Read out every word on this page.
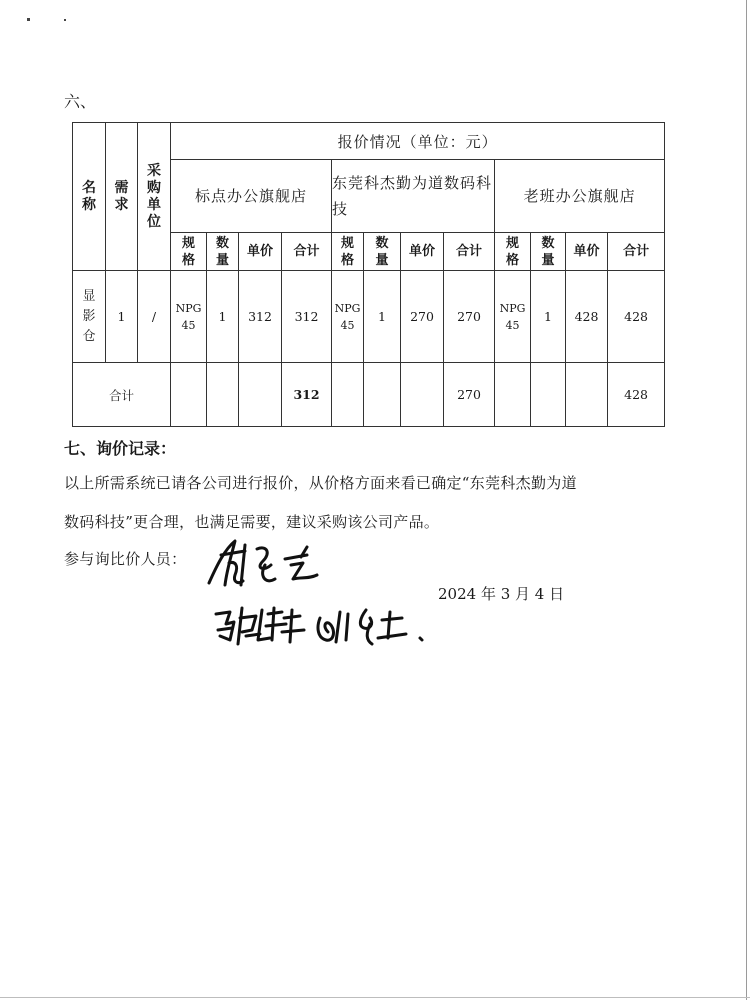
六、
名称	需求	采购单位	报价情况（单位：元）											
			标点办公旗舰店				东莞科杰勤为道数码科技				老班办公旗舰店			
			规格	数量	单价	合计	规格	数量	单价	合计	规格	数量	单价	合计
显影仓	1	/	NPG45	1	312	312	NPG45	1	270	270	NPG45	1	428	428
合计						312				270				428
七、询价记录：
以上所需系统已请各公司进行报价，从价格方面来看已确定“东莞科杰勤为道
数码科技”更合理，也满足需要，建议采购该公司产品。
参与询比价人员：
2024 年 3 月 4 日
